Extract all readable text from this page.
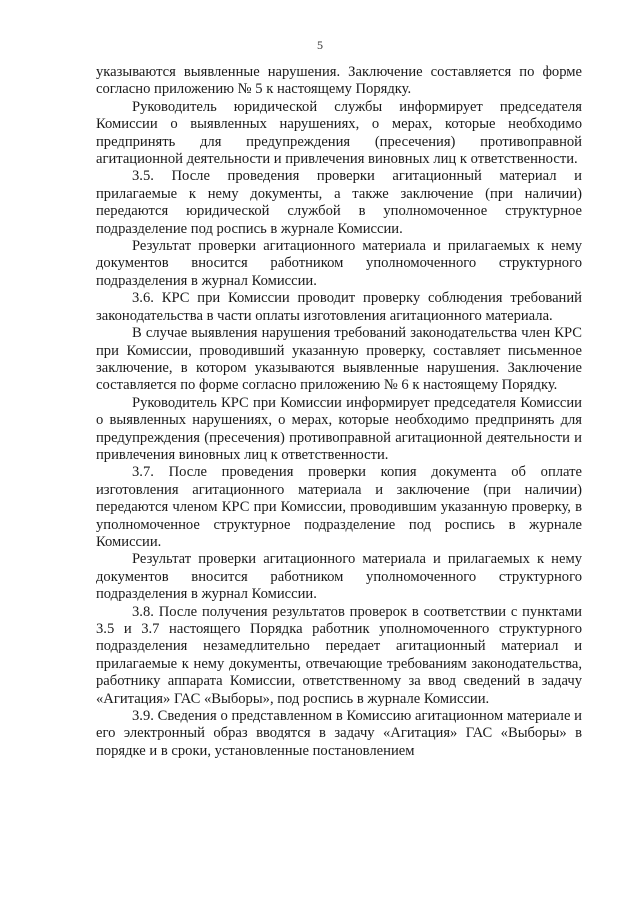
5

указываются выявленные нарушения. Заключение составляется по форме согласно приложению № 5 к настоящему Порядку.

Руководитель юридической службы информирует председателя Комиссии о выявленных нарушениях, о мерах, которые необходимо предпринять для предупреждения (пресечения) противоправной агитационной деятельности и привлечения виновных лиц к ответственности.

3.5. После проведения проверки агитационный материал и прилагаемые к нему документы, а также заключение (при наличии) передаются юридической службой в уполномоченное структурное подразделение под роспись в журнале Комиссии.

Результат проверки агитационного материала и прилагаемых к нему документов вносится работником уполномоченного структурного подразделения в журнал Комиссии.

3.6. КРС при Комиссии проводит проверку соблюдения требований законодательства в части оплаты изготовления агитационного материала.

В случае выявления нарушения требований законодательства член КРС при Комиссии, проводивший указанную проверку, составляет письменное заключение, в котором указываются выявленные нарушения. Заключение составляется по форме согласно приложению № 6 к настоящему Порядку.

Руководитель КРС при Комиссии информирует председателя Комиссии о выявленных нарушениях, о мерах, которые необходимо предпринять для предупреждения (пресечения) противоправной агитационной деятельности и привлечения виновных лиц к ответственности.

3.7. После проведения проверки копия документа об оплате изготовления агитационного материала и заключение (при наличии) передаются членом КРС при Комиссии, проводившим указанную проверку, в уполномоченное структурное подразделение под роспись в журнале Комиссии.

Результат проверки агитационного материала и прилагаемых к нему документов вносится работником уполномоченного структурного подразделения в журнал Комиссии.

3.8. После получения результатов проверок в соответствии с пунктами 3.5 и 3.7 настоящего Порядка работник уполномоченного структурного подразделения незамедлительно передает агитационный материал и прилагаемые к нему документы, отвечающие требованиям законодательства, работнику аппарата Комиссии, ответственному за ввод сведений в задачу «Агитация» ГАС «Выборы», под роспись в журнале Комиссии.

3.9. Сведения о представленном в Комиссию агитационном материале и его электронный образ вводятся в задачу «Агитация» ГАС «Выборы» в порядке и в сроки, установленные постановлением
